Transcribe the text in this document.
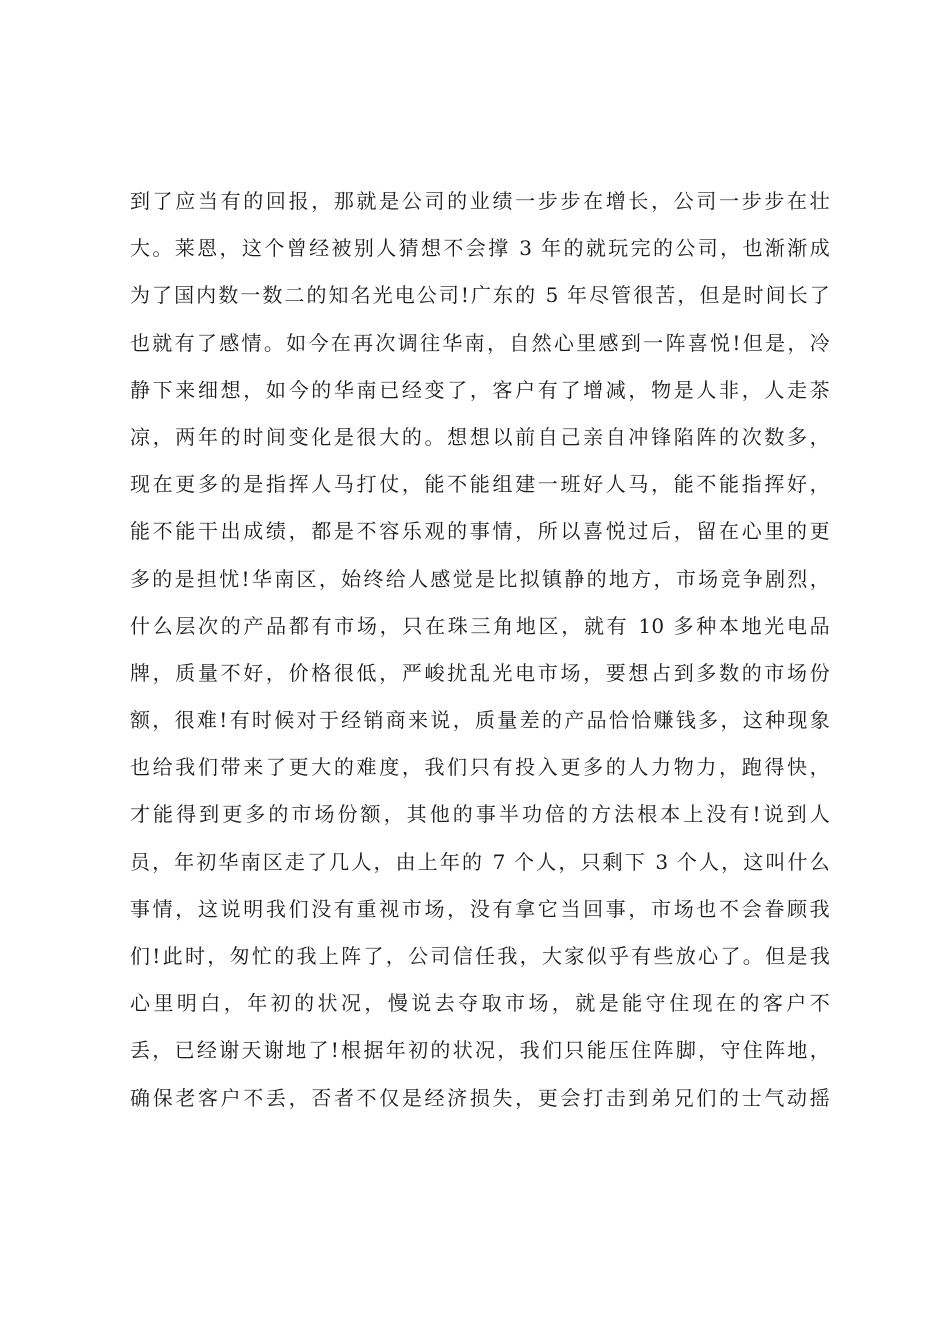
到了应当有的回报，那就是公司的业绩一步步在增长，公司一步步在壮
大。莱恩，这个曾经被别人猜想不会撑 3 年的就玩完的公司，也渐渐成
为了国内数一数二的知名光电公司!广东的 5 年尽管很苦，但是时间长了
也就有了感情。如今在再次调往华南，自然心里感到一阵喜悦!但是，冷
静下来细想，如今的华南已经变了，客户有了增减，物是人非，人走茶
凉，两年的时间变化是很大的。想想以前自己亲自冲锋陷阵的次数多，
现在更多的是指挥人马打仗，能不能组建一班好人马，能不能指挥好，
能不能干出成绩，都是不容乐观的事情，所以喜悦过后，留在心里的更
多的是担忧!华南区，始终给人感觉是比拟镇静的地方，市场竞争剧烈，
什么层次的产品都有市场，只在珠三角地区，就有 10 多种本地光电品
牌，质量不好，价格很低，严峻扰乱光电市场，要想占到多数的市场份
额，很难!有时候对于经销商来说，质量差的产品恰恰赚钱多，这种现象
也给我们带来了更大的难度，我们只有投入更多的人力物力，跑得快，
才能得到更多的市场份额，其他的事半功倍的方法根本上没有!说到人
员，年初华南区走了几人，由上年的 7 个人，只剩下 3 个人，这叫什么
事情，这说明我们没有重视市场，没有拿它当回事，市场也不会眷顾我
们!此时，匆忙的我上阵了，公司信任我，大家似乎有些放心了。但是我
心里明白，年初的状况，慢说去夺取市场，就是能守住现在的客户不
丢，已经谢天谢地了!根据年初的状况，我们只能压住阵脚，守住阵地，
确保老客户不丢，否者不仅是经济损失，更会打击到弟兄们的士气动摇
